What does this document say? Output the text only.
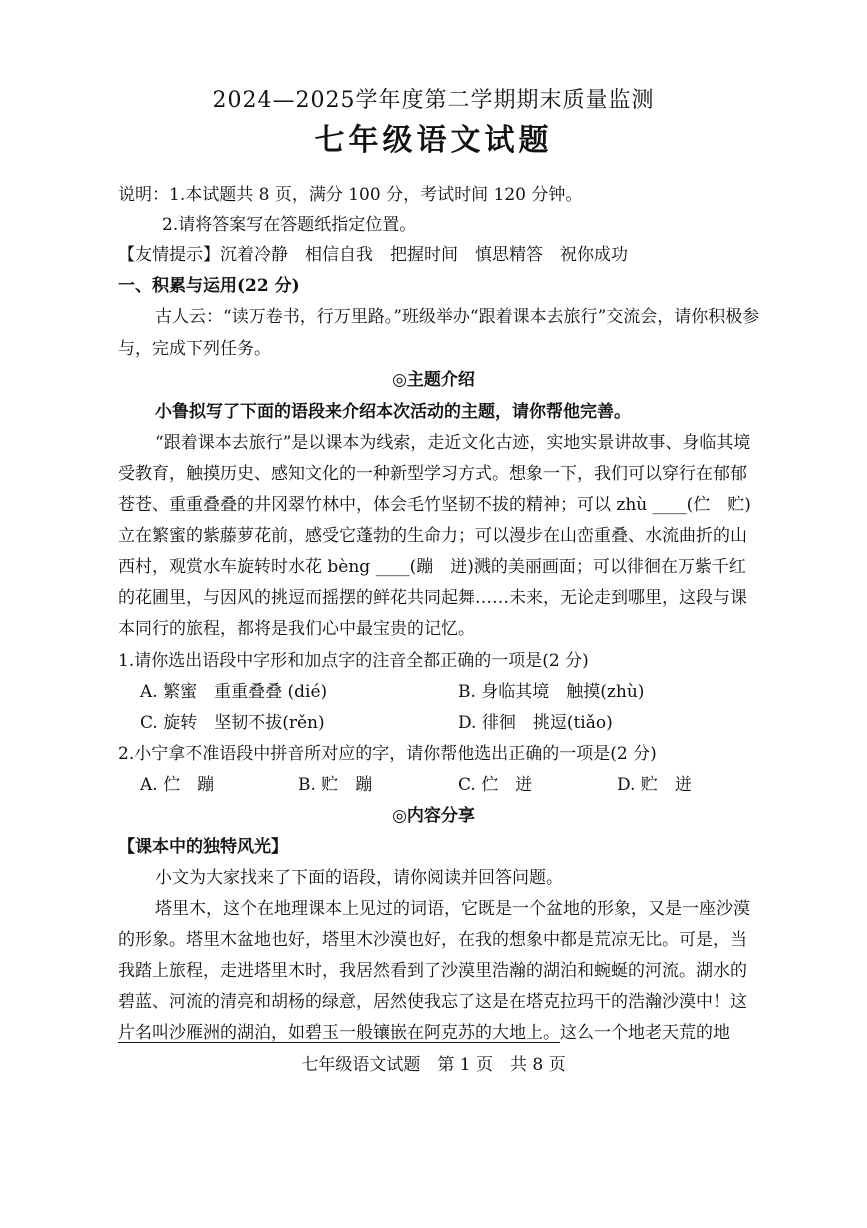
2024—2025学年度第二学期期末质量监测
七年级语文试题
说明：1.本试题共 8 页，满分 100 分，考试时间 120 分钟。
2.请将答案写在答题纸指定位置。
【友情提示】沉着冷静　相信自我　把握时间　慎思精答　祝你成功
一、积累与运用(22 分)
古人云：“读万卷书，行万里路。”班级举办“跟着课本去旅行”交流会，请你积极参
与，完成下列任务。
◎主题介绍
小鲁拟写了下面的语段来介绍本次活动的主题，请你帮他完善。
“跟着课本去旅行”是以课本为线索，走近文化古迹，实地实景讲故事、身临其境
受教育，触摸历史、感知文化的一种新型学习方式。想象一下，我们可以穿行在郁郁
苍苍、重重叠叠的井冈翠竹林中，体会毛竹坚韧不拔的精神；可以 zhù ____(伫　贮)
立在繁蜜的紫藤萝花前，感受它蓬勃的生命力；可以漫步在山峦重叠、水流曲折的山
西村，观赏水车旋转时水花 bèng ____(蹦　迸)溅的美丽画面；可以徘徊在万紫千红
的花圃里，与因风的挑逗而摇摆的鲜花共同起舞……未来，无论走到哪里，这段与课
本同行的旅程，都将是我们心中最宝贵的记忆。
1.请你选出语段中字形和加点字的注音全都正确的一项是(2 分)
A. 繁蜜　重重叠叠 (dié)	B. 身临其境　触摸(zhù)
C. 旋转　坚韧不拔(rěn)	D. 徘徊　挑逗(tiǎo)
2.小宁拿不准语段中拼音所对应的字，请你帮他选出正确的一项是(2 分)
A. 伫　蹦	B. 贮　蹦	C. 伫　迸	D. 贮　迸
◎内容分享
【课本中的独特风光】
小文为大家找来了下面的语段，请你阅读并回答问题。
塔里木，这个在地理课本上见过的词语，它既是一个盆地的形象，又是一座沙漠
的形象。塔里木盆地也好，塔里木沙漠也好，在我的想象中都是荒凉无比。可是，当
我踏上旅程，走进塔里木时，我居然看到了沙漠里浩瀚的湖泊和蜿蜒的河流。湖水的
碧蓝、河流的清亮和胡杨的绿意，居然使我忘了这是在塔克拉玛干的浩瀚沙漠中！这
片名叫沙雁洲的湖泊，如碧玉一般镶嵌在阿克苏的大地上。这么一个地老天荒的地
七年级语文试题　第 1 页　共 8 页
